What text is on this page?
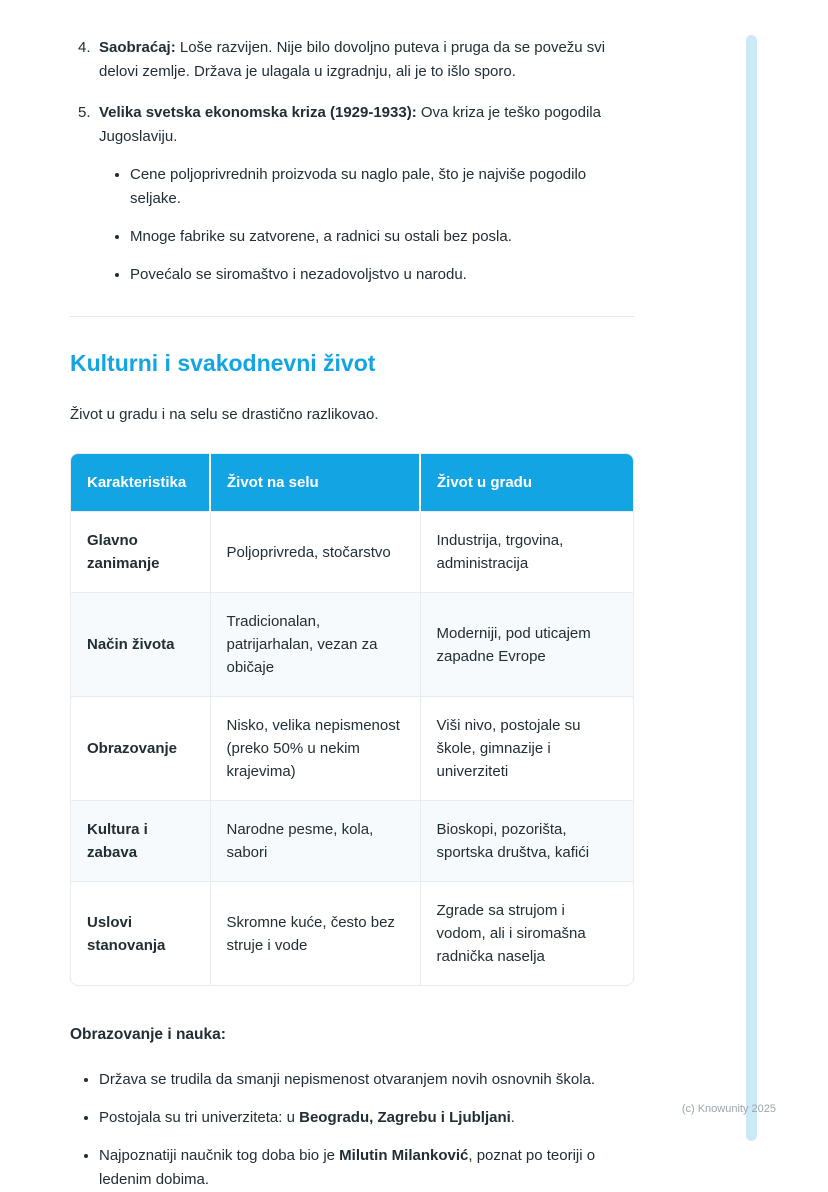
4. Saobraćaj: Loše razvijen. Nije bilo dovoljno puteva i pruga da se povežu svi delovi zemlje. Država je ulagala u izgradnju, ali je to išlo sporo.
5. Velika svetska ekonomska kriza (1929-1933): Ova kriza je teško pogodila Jugoslaviju.
• Cene poljoprivrednih proizvoda su naglo pale, što je najviše pogodilo seljake.
• Mnoge fabrike su zatvorene, a radnici su ostali bez posla.
• Povećalo se siromaštvo i nezadovoljstvo u narodu.
Kulturni i svakodnevni život

Život u gradu i na selu se drastično razlikovao.

Karakteristika	Život na selu	Život u gradu
Glavno zanimanje	Poljoprivreda, stočarstvo	Industrija, trgovina, administracija
Način života	Tradicionalan, patrijarhalan, vezan za običaje	Moderniji, pod uticajem zapadne Evrope
Obrazovanje	Nisko, velika nepismenost (preko 50% u nekim krajevima)	Viši nivo, postojale su škole, gimnazije i univerziteti
Kultura i zabava	Narodne pesme, kola, sabori	Bioskopi, pozorišta, sportska društva, kafići
Uslovi stanovanja	Skromne kuće, često bez struje i vode	Zgrade sa strujom i vodom, ali i siromašna radnička naselja
Obrazovanje i nauka:
• Država se trudila da smanji nepismenost otvaranjem novih osnovnih škola.
• Postojala su tri univerziteta: u Beogradu, Zagrebu i Ljubljani.
• Najpoznatiji naučnik tog doba bio je Milutin Milanković, poznat po teoriji o ledenim dobima.
(c) Knowunity 2025
